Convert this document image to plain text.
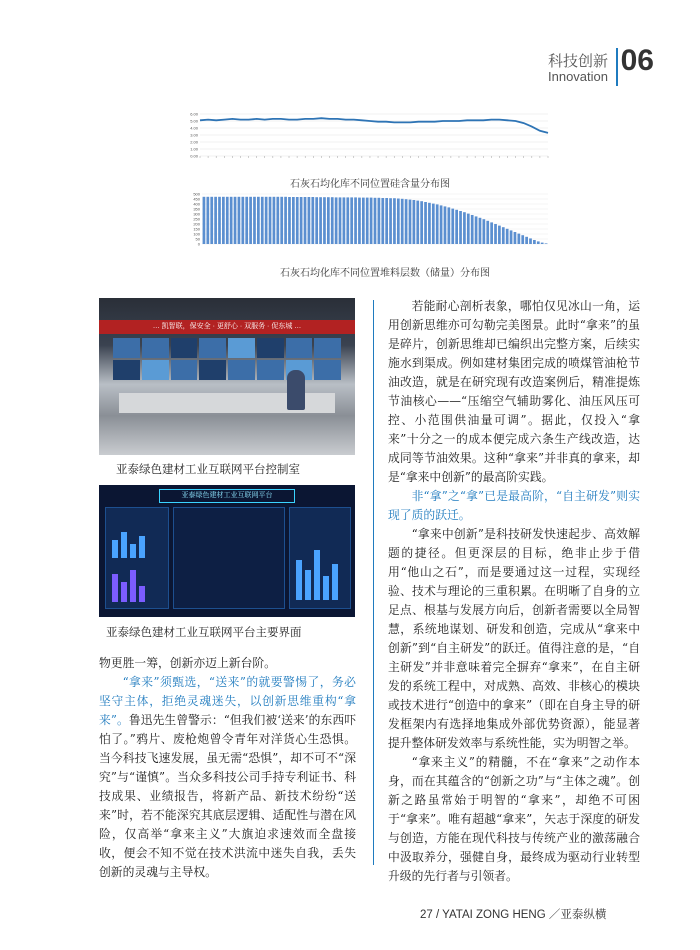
科技创新
Innovation 06
0.00
1.00
2.00
3.00
4.00
5.00
6.00
石灰石均化库不同位置硅含量分布图
0
50
100
150
200
250
300
350
400
450
500
石灰石均化库不同位置堆料层数（储量）分布图
… 凯智联，保安全 · 更舒心 · 双服务 · 促东城 …
亚泰绿色建材工业互联网平台控制室
亚泰绿色建材工业互联网平台
亚泰绿色建材工业互联网平台主要界面

若能耐心剖析表象，哪怕仅见冰山一角，运用创新思维亦可勾勒完美图景。此时“拿来”的虽是碎片，创新思维却已编织出完整方案，后续实施水到渠成。例如建材集团完成的喷煤管油枪节油改造，就是在研究现有改造案例后，精准提炼节油核心——“压缩空气辅助雾化、油压风压可控、小范围供油量可调”。据此，仅投入“拿来”十分之一的成本便完成六条生产线改造，达成同等节油效果。这种“拿来”并非真的拿来，却是“拿来中创新”的最高阶实践。

非“拿”之“拿”已是最高阶，“自主研发”则实现了质的跃迁。

“拿来中创新”是科技研发快速起步、高效解题的捷径。但更深层的目标，绝非止步于借用“他山之石”，而是要通过这一过程，实现经验、技术与理论的三重积累。在明晰了自身的立足点、根基与发展方向后，创新者需要以全局智慧，系统地谋划、研发和创造，完成从“拿来中创新”到“自主研发”的跃迁。值得注意的是，“自主研发”并非意味着完全摒弃“拿来”，在自主研发的系统工程中，对成熟、高效、非核心的模块或技术进行“创造中的拿来”（即在自身主导的研发框架内有选择地集成外部优势资源），能显著提升整体研发效率与系统性能，实为明智之举。

“拿来主义”的精髓，不在“拿来”之动作本身，而在其蕴含的“创新之功”与“主体之魂”。创新之路虽常始于明智的“拿来”，却绝不可困于“拿来”。唯有超越“拿来”，矢志于深度的研发与创造，方能在现代科技与传统产业的激荡融合中汲取养分，强健自身，最终成为驱动行业转型升级的先行者与引领者。

物更胜一筹，创新亦迈上新台阶。

“拿来”须甄选，“送来”的就要警惕了，务必坚守主体，拒绝灵魂迷失，以创新思维重构“拿来”。鲁迅先生曾警示：“但我们被‘送来’的东西吓怕了。”鸦片、废枪炮曾令青年对洋货心生恐惧。当今科技飞速发展，虽无需“恐惧”，却不可不“深究”与“谨慎”。当众多科技公司手持专利证书、科技成果、业绩报告，将新产品、新技术纷纷“送来”时，若不能深究其底层逻辑、适配性与潜在风险，仅高举“拿来主义”大旗迫求速效而全盘接收，便会不知不觉在技术洪流中迷失自我，丢失创新的灵魂与主导权。

27 / YATAI ZONG HENG ／亚泰纵横
